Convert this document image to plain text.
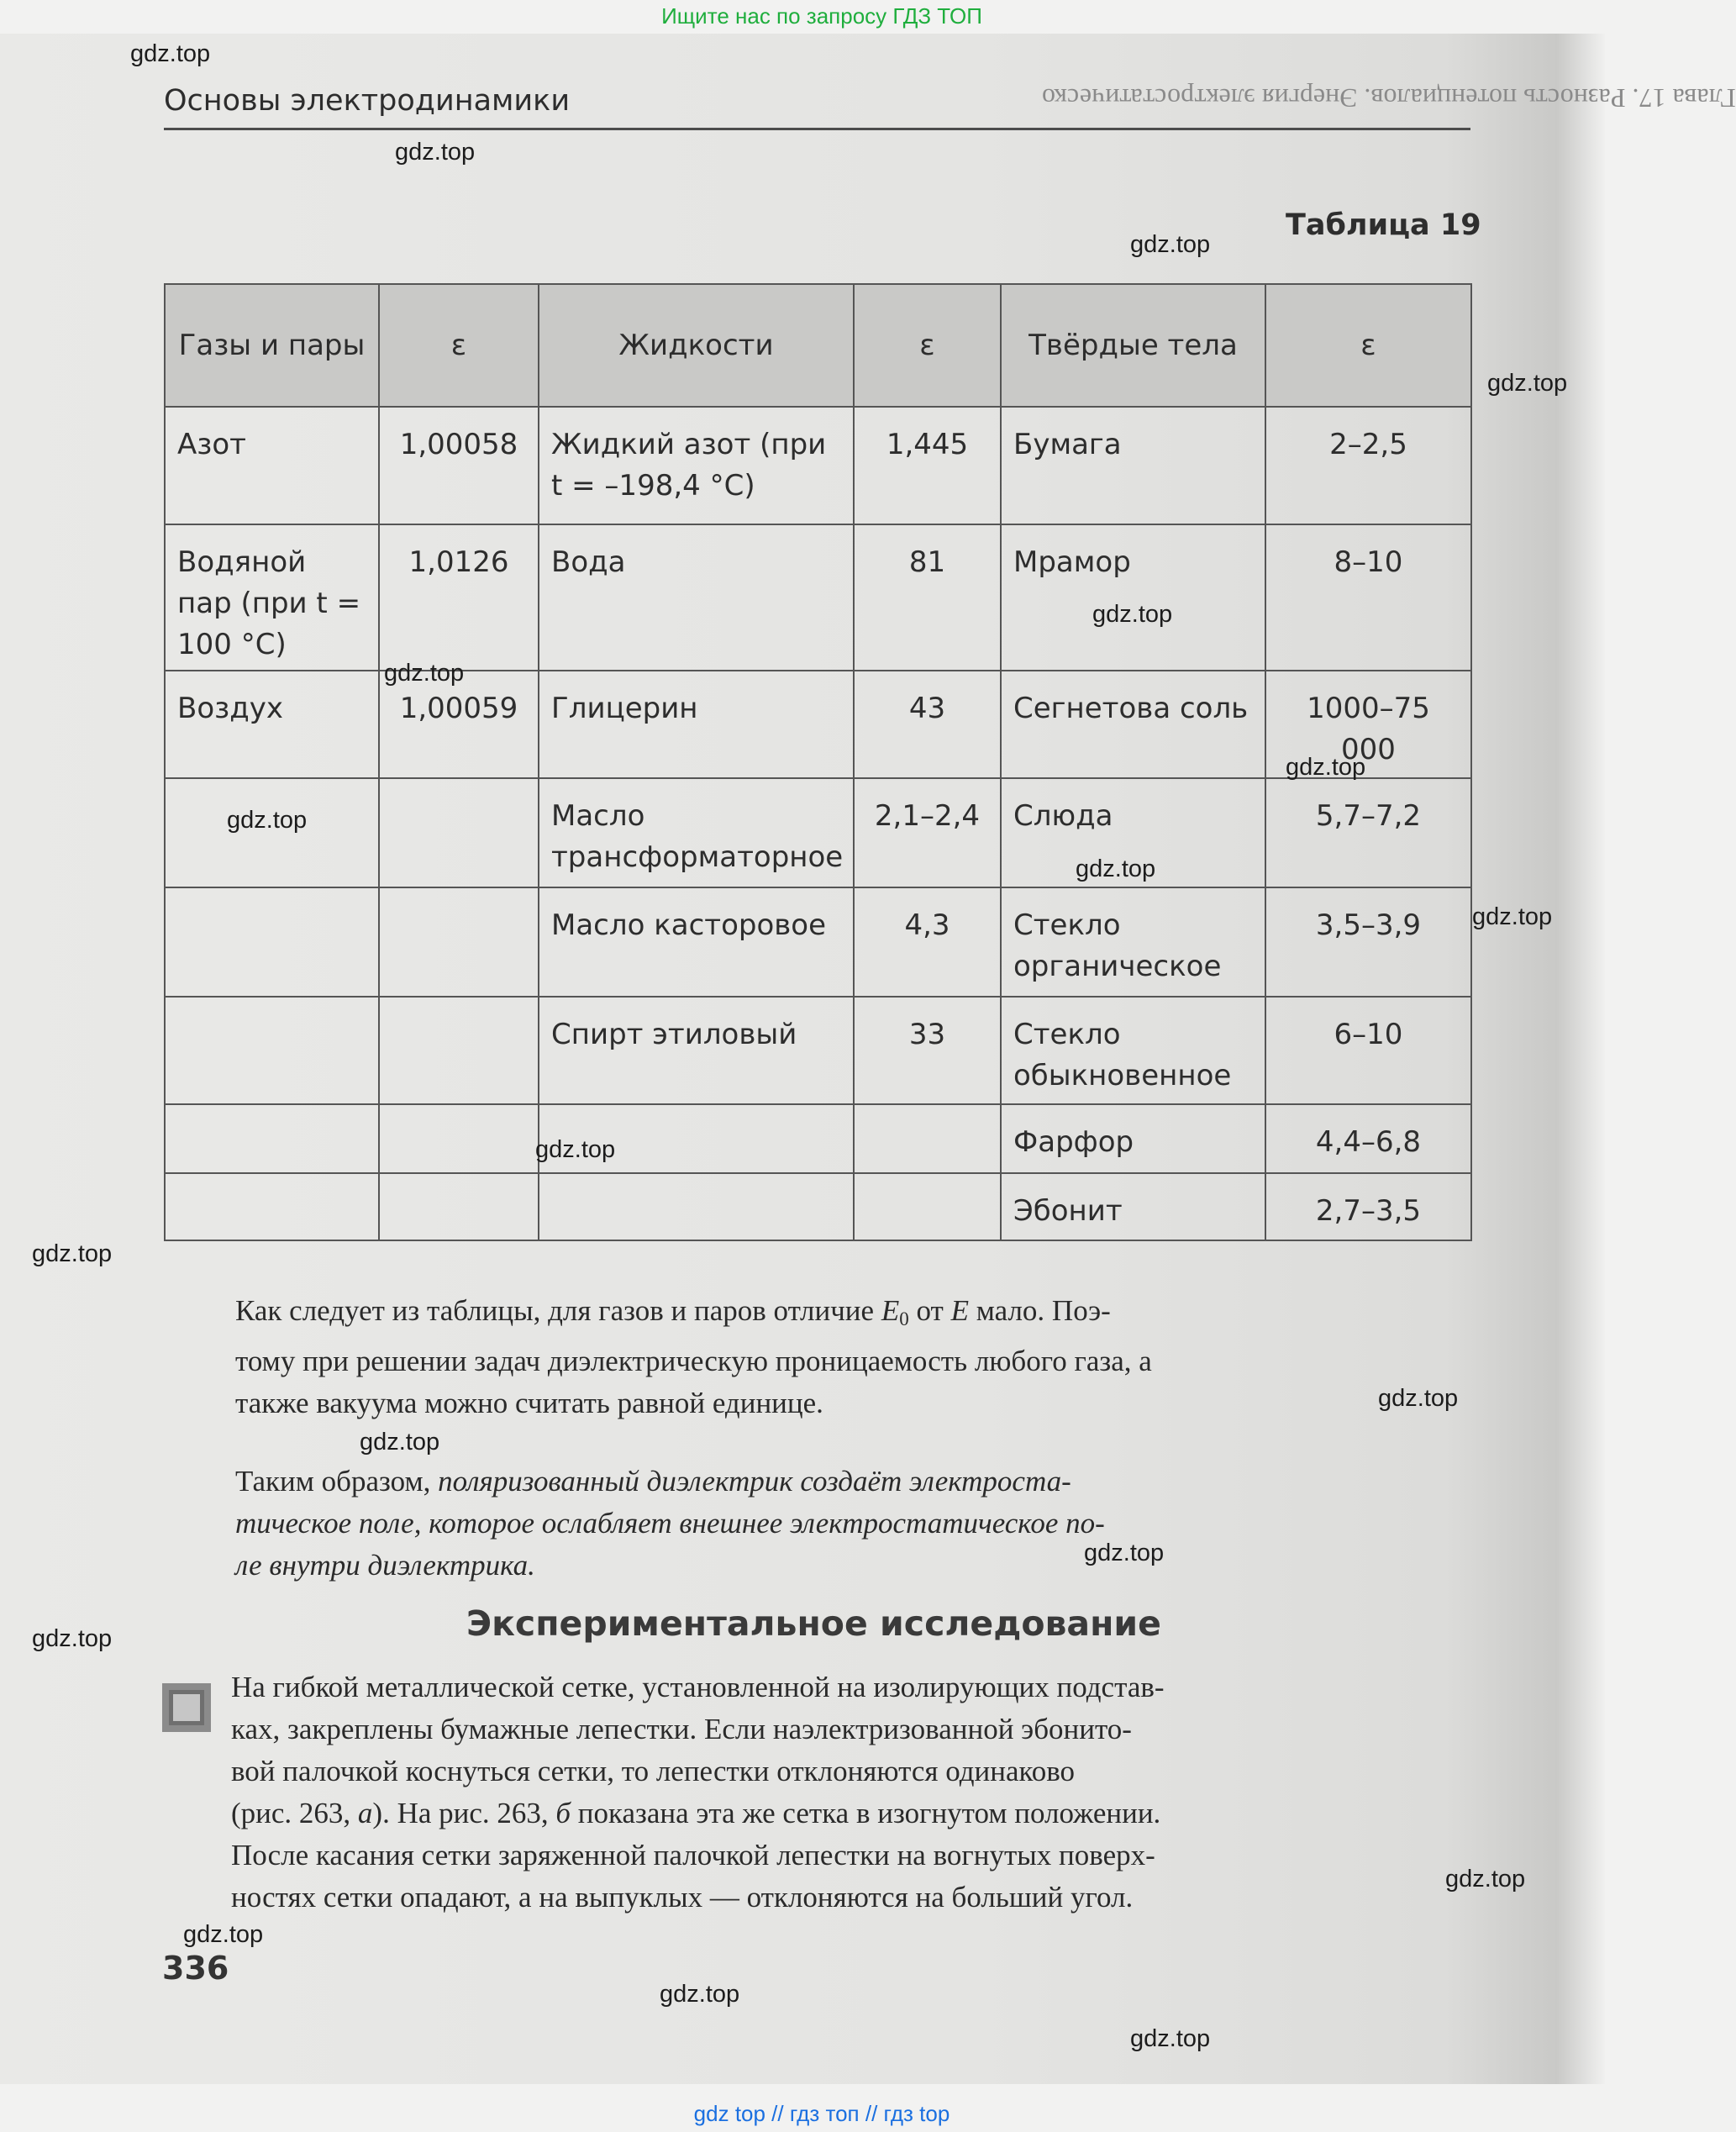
Ищите нас по запросу ГДЗ ТОП
Основы электродинамики	Глава 17. Разность потенциалов. Энергия электростатическо
Таблица 19
Газы и пары	ε	Жидкости	ε	Твёрдые тела	ε
Азот	1,00058	Жидкий азот (при t = –198,4 °C)	1,445	Бумага	2–2,5
Водяной пар (при t = 100 °C)	1,0126	Вода	81	Мрамор	8–10
Воздух	1,00059	Глицерин	43	Сегнетова соль	1000–75 000
		Масло трансформаторное	2,1–2,4	Слюда	5,7–7,2
		Масло касторовое	4,3	Стекло органическое	3,5–3,9
		Спирт этиловый	33	Стекло обыкновенное	6–10
				Фарфор	4,4–6,8
				Эбонит	2,7–3,5
Как следует из таблицы, для газов и паров отличие $E_0$ от E мало. Поэ-
тому при решении задач диэлектрическую проницаемость любого газа, а
также вакуума можно считать равной единице.
Таким образом, поляризованный диэлектрик создаёт электроста-
тическое поле, которое ослабляет внешнее электростатическое по-
ле внутри диэлектрика.
Экспериментальное исследование
На гибкой металлической сетке, установленной на изолирующих подстав-
ках, закреплены бумажные лепестки. Если наэлектризованной эбонито-
вой палочкой коснуться сетки, то лепестки отклоняются одинаково
(рис. 263, а). На рис. 263, б показана эта же сетка в изогнутом положении.
После касания сетки заряженной палочкой лепестки на вогнутых поверх-
ностях сетки опадают, а на выпуклых — отклоняются на больший угол.
336
gdz.top
gdz.top
gdz.top
gdz.top
gdz.top
gdz.top
gdz.top
gdz.top
gdz.top
gdz.top
gdz.top
gdz.top
gdz.top
gdz.top
gdz.top
gdz.top
gdz.top
gdz.top
gdz.top
gdz.top
gdz top // гдз топ // гдз top
